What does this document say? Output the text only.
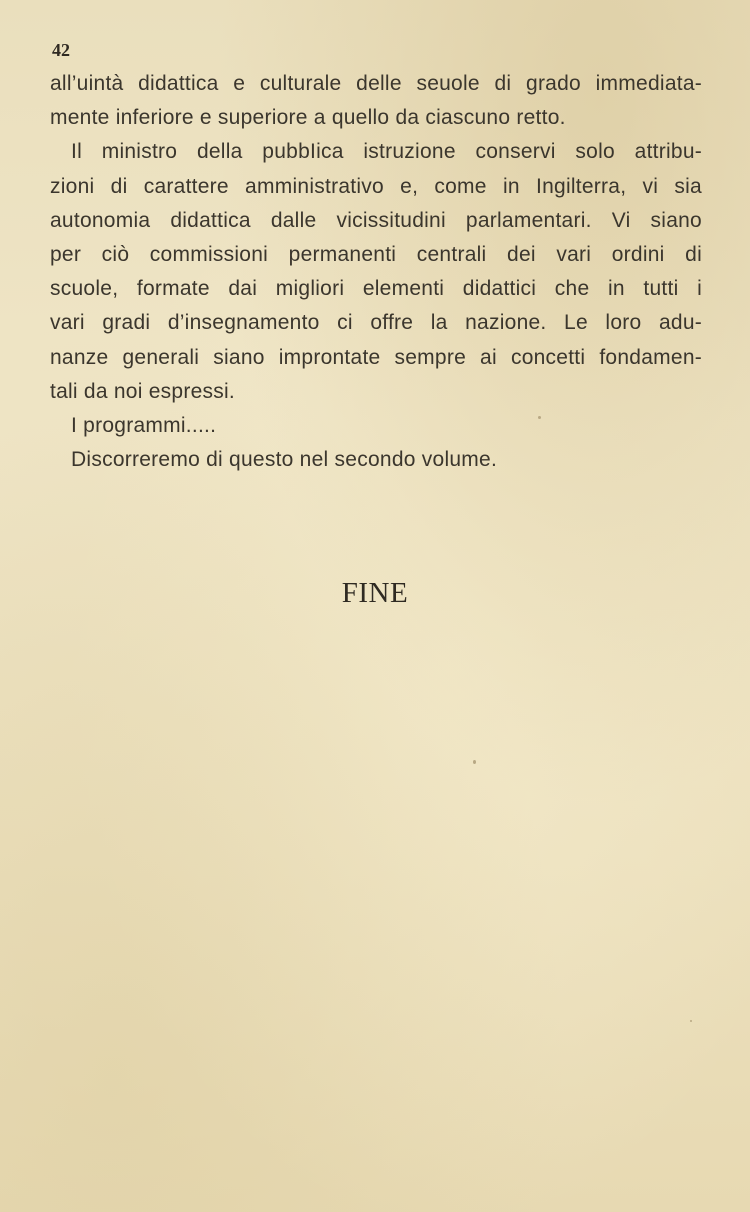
42
all’uintà didattica e culturale delle seuole di grado immediata-
mente inferiore e superiore a quello da ciascuno retto.
Il ministro della pubbIica istruzione conservi solo attribu-
zioni di carattere amministrativo e, come in Ingilterra, vi sia
autonomia didattica dalle vicissitudini parlamentari. Vi siano
per ciò commissioni permanenti centrali dei vari ordini di
scuole, formate dai migliori elementi didattici che in tutti i
vari gradi d’insegnamento ci offre la nazione. Le loro adu-
nanze generali siano improntate sempre ai concetti fondamen-
tali da noi espressi.
I programmi.....
Discorreremo di questo nel secondo volume.
FINE
